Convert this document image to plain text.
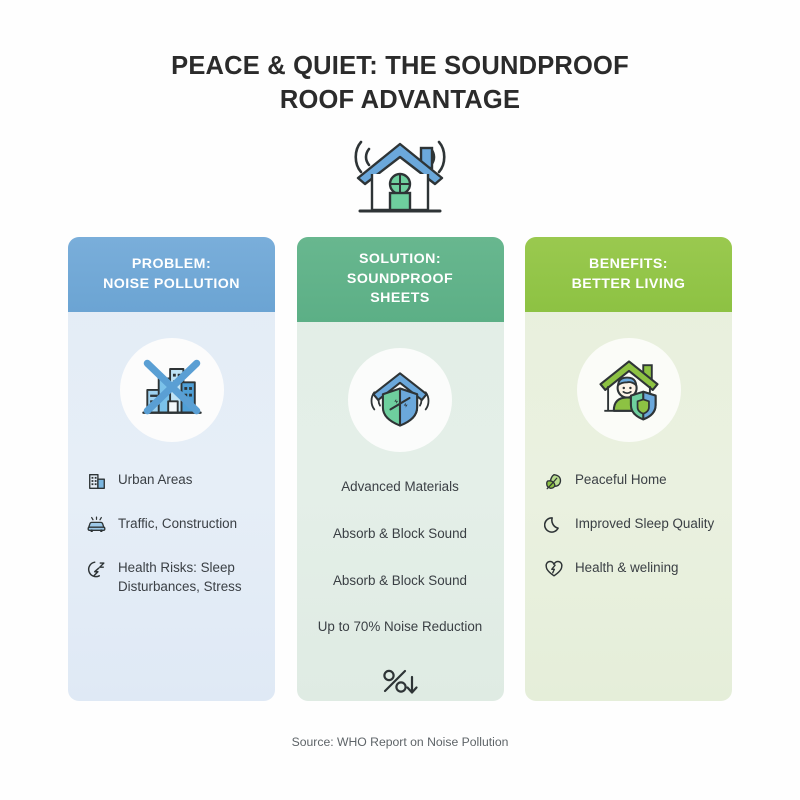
PEACE & QUIET: THE SOUNDPROOF
ROOF ADVANTAGE
PROBLEM:
NOISE POLLUTION
Urban Areas
Traffic, Construction
Health Risks: Sleep Disturbances, Stress
SOLUTION:
SOUNDPROOF
SHEETS
Advanced Materials
Absorb & Block Sound
Absorb & Block Sound
Up to 70% Noise Reduction
BENEFITS:
BETTER LIVING
Peaceful Home
Improved Sleep Quality
Health & welining
Source: WHO Report on Noise Pollution
